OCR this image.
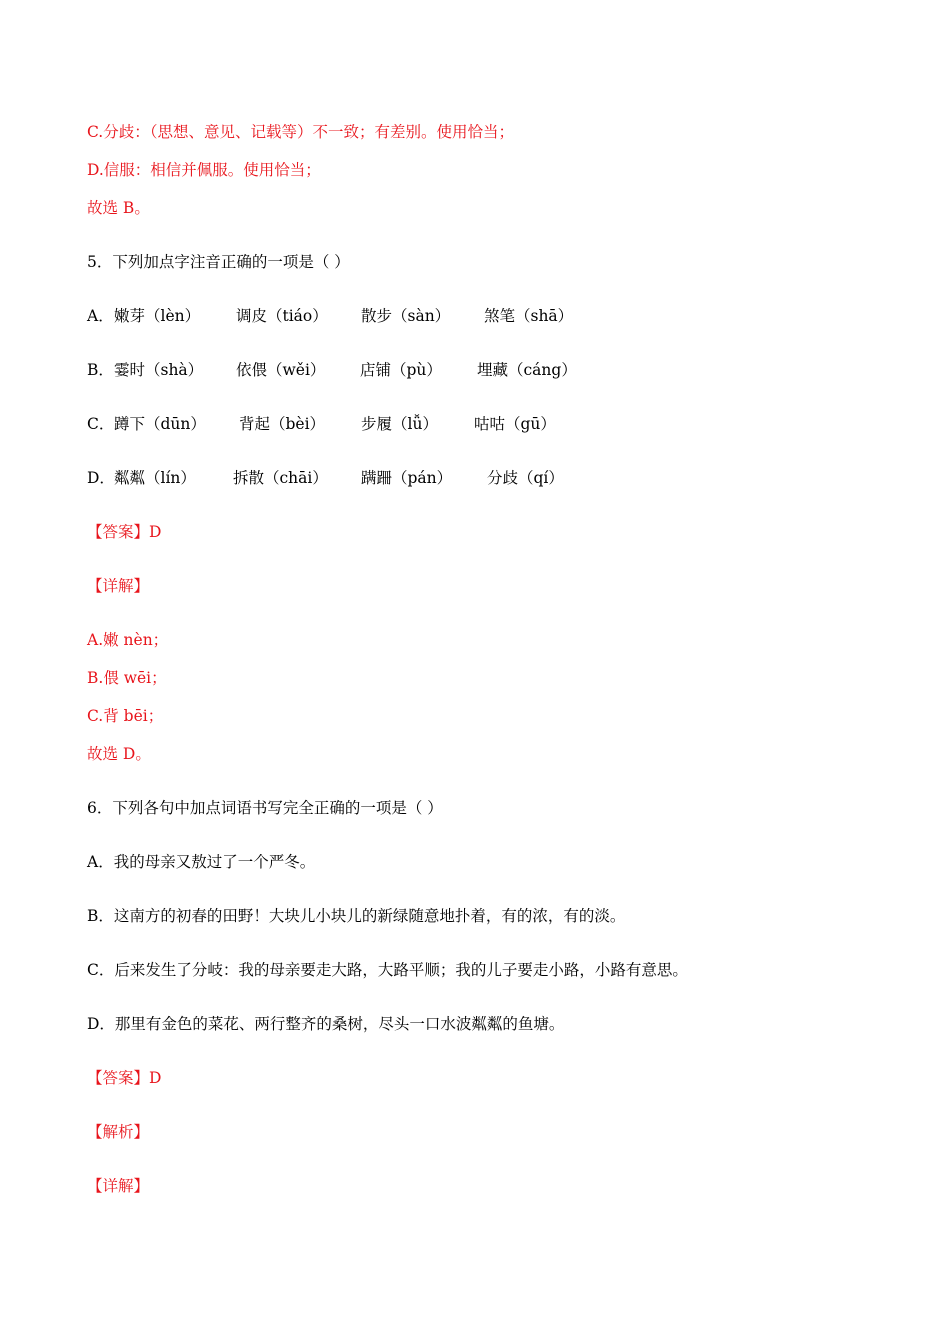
C.分歧：（思想、意见、记载等）不一致；有差别。使用恰当；
D.信服：相信并佩服。使用恰当；
故选 B。
5．下列加点字注音正确的一项是（ ）
A． 嫩芽（lèn） 调皮（tiáo） 散步（sàn） 煞笔（shā）
B． 霎时（shà） 依偎（wěi） 店铺（pù） 埋藏（cáng）
C． 蹲下（dūn） 背起（bèi） 步履（lǚ） 咕咕（gū）
D． 粼粼（lín） 拆散（chāi） 蹒跚（pán） 分歧（qí）
【答案】D
【详解】
A.嫩 nèn；
B.偎 wēi；
C.背 bēi；
故选 D。
6．下列各句中加点词语书写完全正确的一项是（ ）
A．我的母亲又敖过了一个严冬。
B．这南方的初春的田野！大块儿小块儿的新绿随意地扑着，有的浓，有的淡。
C．后来发生了分岐：我的母亲要走大路，大路平顺；我的儿子要走小路，小路有意思。
D．那里有金色的菜花、两行整齐的桑树，尽头一口水波粼粼的鱼塘。
【答案】D
【解析】
【详解】
